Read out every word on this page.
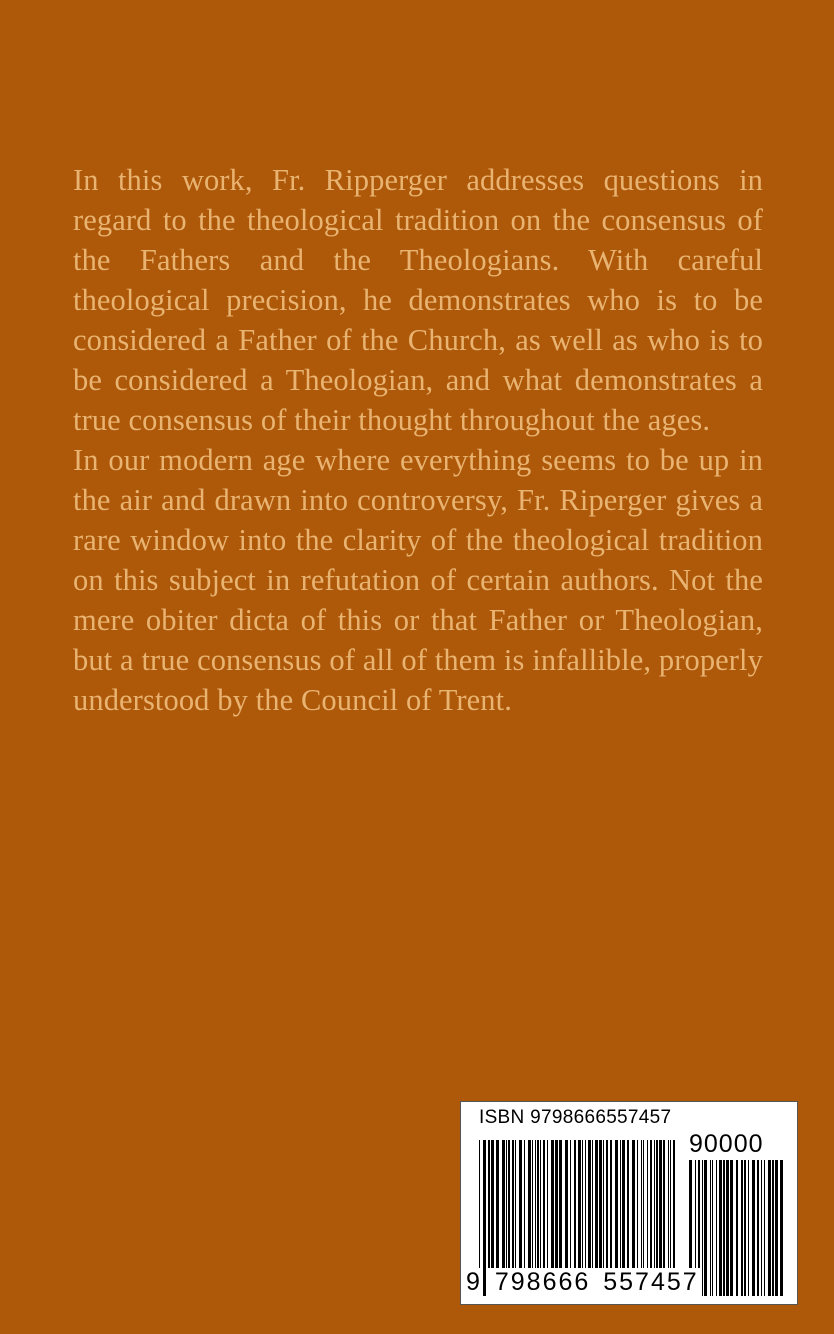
In this work, Fr. Ripperger addresses questions in regard to the theological tradition on the consensus of the Fathers and the Theologians. With careful theological precision, he demonstrates who is to be considered a Father of the Church, as well as who is to be considered a Theologian, and what demonstrates a true consensus of their thought throughout the ages.

In our modern age where everything seems to be up in the air and drawn into controversy, Fr. Riperger gives a rare window into the clarity of the theological tradition on this subject in refutation of certain authors. Not the mere obiter dicta of this or that Father or Theologian, but a true consensus of all of them is infallible, properly understood by the Council of Trent.

ISBN 9798666557457
90000
9 798666 557457
